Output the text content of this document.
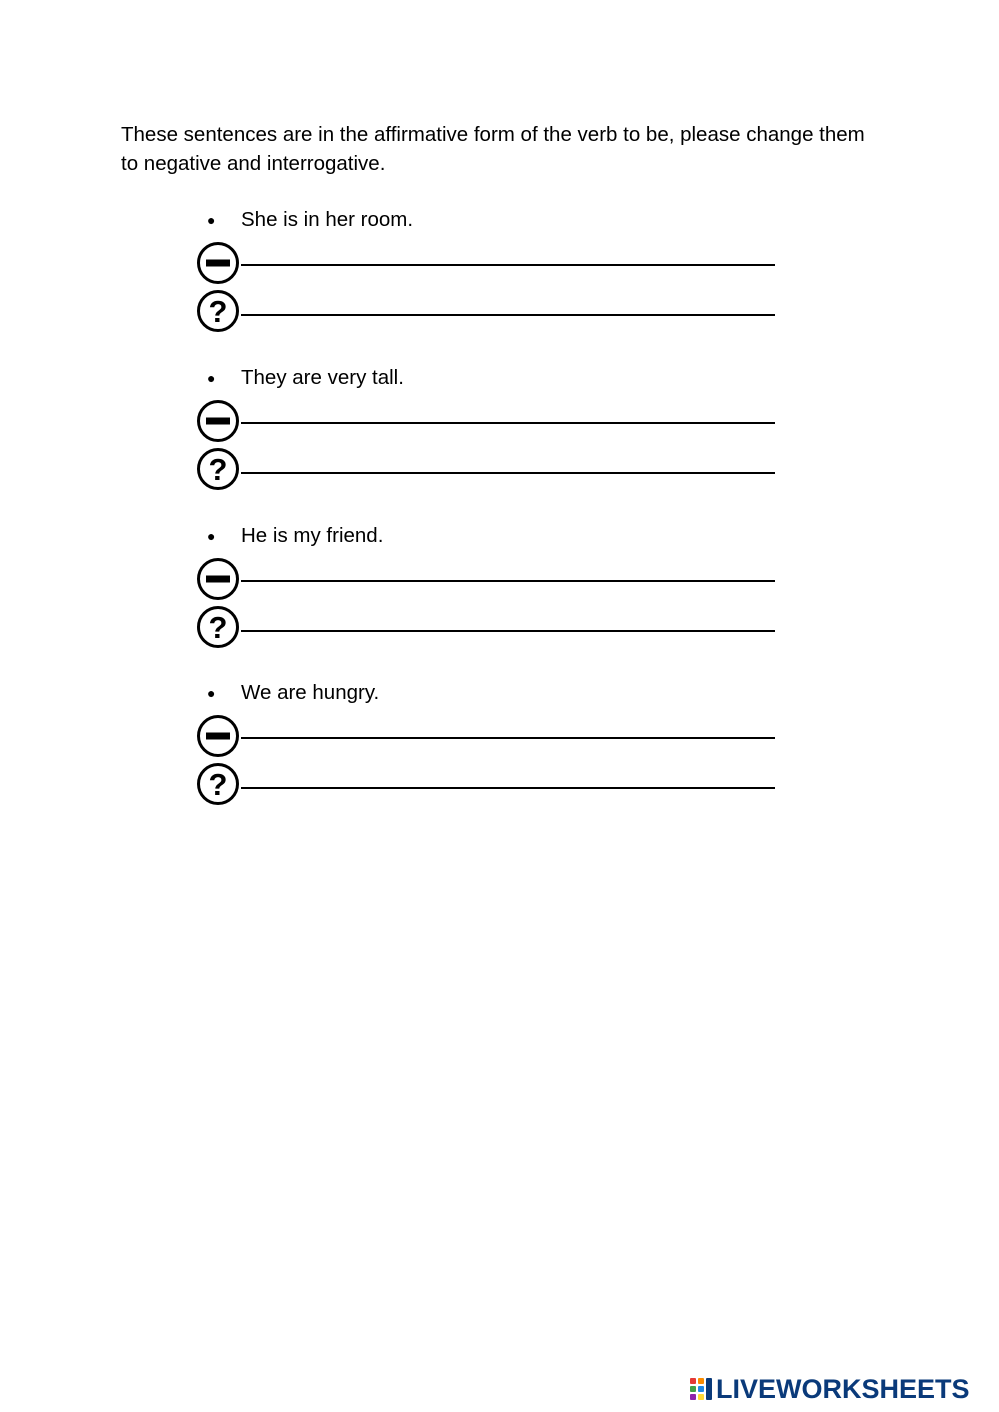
These sentences are in the affirmative form of the verb to be, please change them to negative and interrogative.

● She is in her room.
?
● They are very tall.
?
● He is my friend.
?
● We are hungry.
?
LIVEWORKSHEETS
